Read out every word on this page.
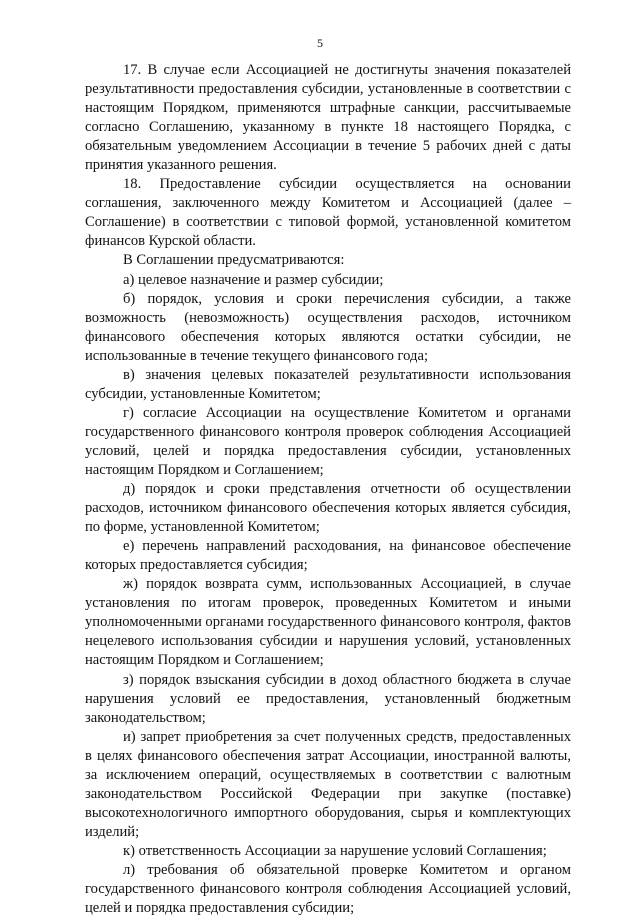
5

17. В случае если Ассоциацией не достигнуты значения показателей результативности предоставления субсидии, установленные в соответствии с настоящим Порядком, применяются штрафные санкции, рассчитываемые согласно Соглашению, указанному в пункте 18 настоящего Порядка, с обязательным уведомлением Ассоциации в течение 5 рабочих дней с даты принятия указанного решения.

18. Предоставление субсидии осуществляется на основании соглашения, заключенного между Комитетом и Ассоциацией (далее – Соглашение) в соответствии с типовой формой, установленной комитетом финансов Курской области.

В Соглашении предусматриваются:

а) целевое назначение и размер субсидии;

б) порядок, условия и сроки перечисления субсидии, а также возможность (невозможность) осуществления расходов, источником финансового обеспечения которых являются остатки субсидии, не использованные в течение текущего финансового года;

в) значения целевых показателей результативности использования субсидии, установленные Комитетом;

г) согласие Ассоциации на осуществление Комитетом и органами государственного финансового контроля проверок соблюдения Ассоциацией условий, целей и порядка предоставления субсидии, установленных настоящим Порядком и Соглашением;

д) порядок и сроки представления отчетности об осуществлении расходов, источником финансового обеспечения которых является субсидия, по форме, установленной Комитетом;

е) перечень направлений расходования, на финансовое обеспечение которых предоставляется субсидия;

ж) порядок возврата сумм, использованных Ассоциацией, в случае установления по итогам проверок, проведенных Комитетом и иными уполномоченными органами государственного финансового контроля, фактов нецелевого использования субсидии и нарушения условий, установленных настоящим Порядком и Соглашением;

з) порядок взыскания субсидии в доход областного бюджета в случае нарушения условий ее предоставления, установленный бюджетным законодательством;

и) запрет приобретения за счет полученных средств, предоставленных в целях финансового обеспечения затрат Ассоциации, иностранной валюты, за исключением операций, осуществляемых в соответствии с валютным законодательством Российской Федерации при закупке (поставке) высокотехнологичного импортного оборудования, сырья и комплектующих изделий;

к) ответственность Ассоциации за нарушение условий Соглашения;

л) требования об обязательной проверке Комитетом и органом государственного финансового контроля соблюдения Ассоциацией условий, целей и порядка предоставления субсидии;
